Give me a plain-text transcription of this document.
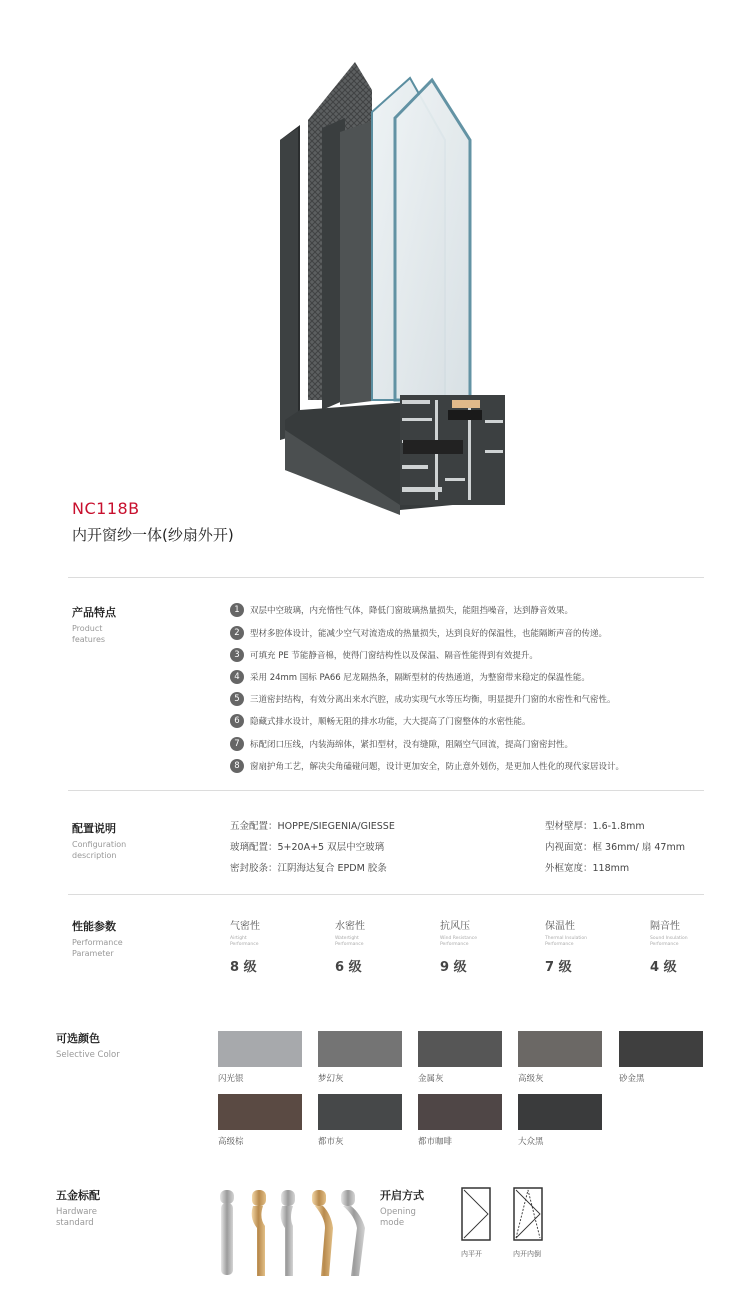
NC118B
内开窗纱一体(纱扇外开)
产品特点
Product
features
1	双层中空玻璃，内充惰性气体，降低门窗玻璃热量损失，能阻挡噪音，达到静音效果。
2	型材多腔体设计，能减少空气对流造成的热量损失，达到良好的保温性，也能隔断声音的传递。
3	可填充 PE 节能静音棉，使得门窗结构性以及保温、隔音性能得到有效提升。
4	采用 24mm 国标 PA66 尼龙隔热条，隔断型材的传热通道，为整窗带来稳定的保温性能。
5	三道密封结构，有效分离出来水汽腔，成功实现气水等压均衡，明显提升门窗的水密性和气密性。
6	隐藏式排水设计，顺畅无阻的排水功能，大大提高了门窗整体的水密性能。
7	标配闭口压线，内装海绵体，紧扣型材，没有缝隙，阻隔空气回流，提高门窗密封性。
8	窗扇护角工艺，解决尖角磕碰问题，设计更加安全，防止意外划伤，是更加人性化的现代家居设计。
配置说明
Configuration
description
五金配置：HOPPE/SIEGENIA/GIESSE
玻璃配置：5+20A+5 双层中空玻璃
密封胶条：江阴海达复合 EPDM 胶条
型材壁厚：1.6-1.8mm
内视面宽：框 36mm/ 扇 47mm
外框宽度：118mm
性能参数
Performance
Parameter
气密性
Airtight
Performance
8 级
水密性
Watertight
Performance
6 级
抗风压
Wind Resistance
Performance
9 级
保温性
Thermal Insulation
Performance
7 级
隔音性
Sound Insulation
Performance
4 级
可选颜色
Selective Color
闪光银	梦幻灰	金属灰	高级灰	砂金黑
高级棕	都市灰	都市咖啡	大众黑
五金标配
Hardware
standard
开启方式
Opening
mode
内平开	内开内倒
